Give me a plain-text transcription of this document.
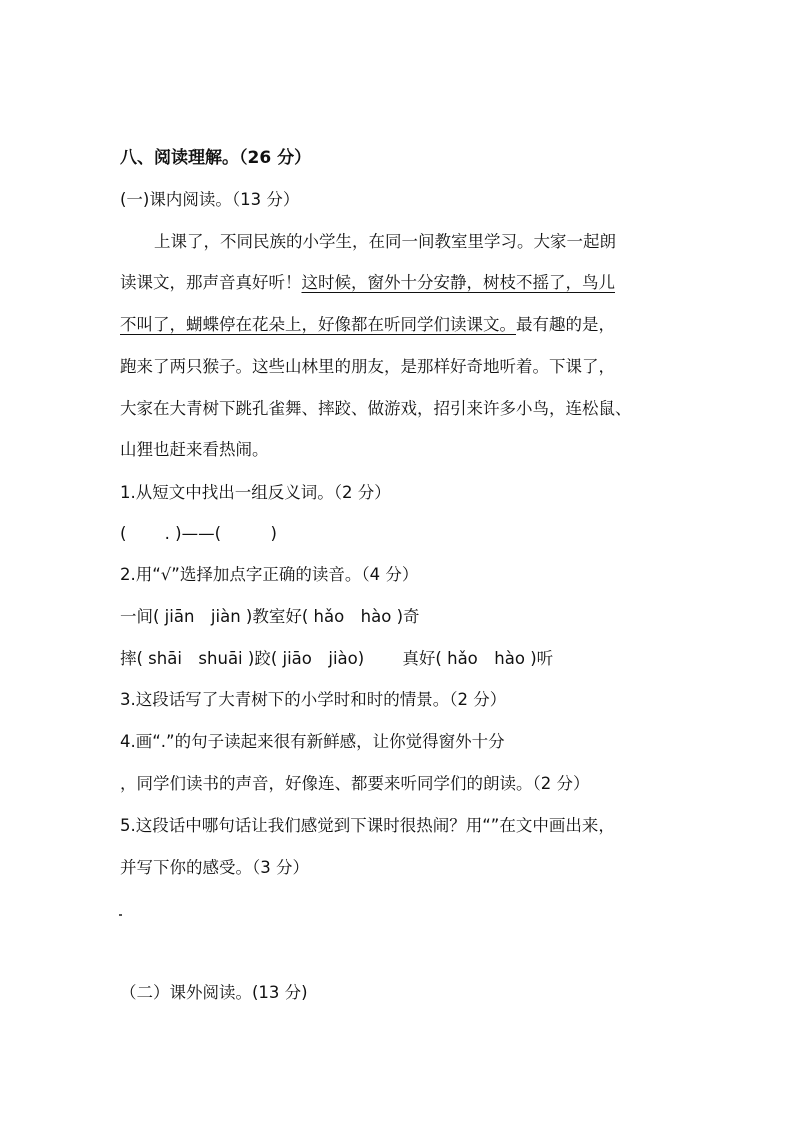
八、阅读理解。（26 分）
(一)课内阅读。（13 分）
上课了，不同民族的小学生，在同一间教室里学习。大家一起朗
读课文，那声音真好听！这时候，窗外十分安静，树枝不摇了，鸟儿
不叫了，蝴蝶停在花朵上，好像都在听同学们读课文。最有趣的是，
跑来了两只猴子。这些山林里的朋友，是那样好奇地听着。下课了，
大家在大青树下跳孔雀舞、摔跤、做游戏，招引来许多小鸟，连松鼠、
山狸也赶来看热闹。
1.从短文中找出一组反义词。（2 分）
(　　 . )——(　　　)
2.用“√”选择加点字正确的读音。（4 分）
一间( jiān　jiàn )教室好( hǎo　hào )奇
摔( shāi　shuāi )跤( jiāo　jiào)　　 真好( hǎo　hào )听
3.这段话写了大青树下的小学时和时的情景。（2 分）
4.画“.”的句子读起来很有新鲜感，让你觉得窗外十分
，同学们读书的声音，好像连、都要来听同学们的朗读。（2 分）
5.这段话中哪句话让我们感觉到下课时很热闹？用“”在文中画出来，
并写下你的感受。（3 分）
（二）课外阅读。(13 分)
